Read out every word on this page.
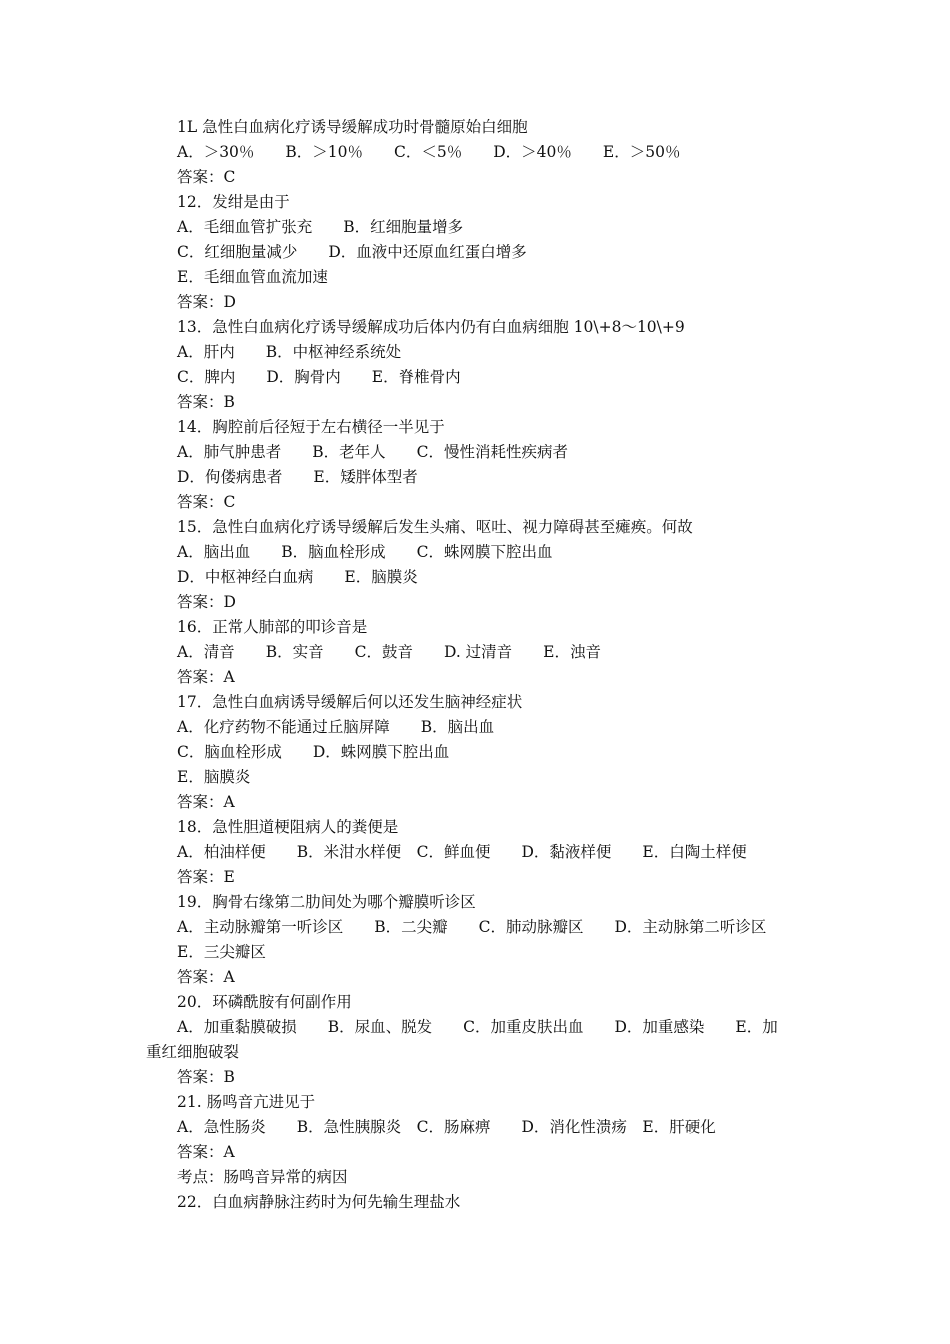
1L 急性白血病化疗诱导缓解成功时骨髓原始白细胞
A．＞30％　　B．＞10％　　C．＜5％　　D．＞40％　　E．＞50％
答案：C
12．发绀是由于
A．毛细血管扩张充　　B．红细胞量增多
C．红细胞量减少　　D．血液中还原血红蛋白增多
E．毛细血管血流加速
答案：D
13．急性白血病化疗诱导缓解成功后体内仍有白血病细胞 10\+8～10\+9
A．肝内　　B．中枢神经系统处
C．脾内　　D．胸骨内　　E．脊椎骨内
答案：B
14．胸腔前后径短于左右横径一半见于
A．肺气肿患者　　B．老年人　　C．慢性消耗性疾病者
D．佝偻病患者　　E．矮胖体型者
答案：C
15．急性白血病化疗诱导缓解后发生头痛、呕吐、视力障碍甚至瘫痪。何故
A．脑出血　　B．脑血栓形成　　C．蛛网膜下腔出血
D．中枢神经白血病　　E．脑膜炎
答案：D
16．正常人肺部的叩诊音是
A．清音　　B．实音　　C．鼓音　　D. 过清音　　E．浊音
答案：A
17．急性白血病诱导缓解后何以还发生脑神经症状
A．化疗药物不能通过丘脑屏障　　B．脑出血
C．脑血栓形成　　D．蛛网膜下腔出血
E．脑膜炎
答案：A
18．急性胆道梗阻病人的粪便是
A．柏油样便　　B．米泔水样便　C．鲜血便　　D．黏液样便　　E．白陶土样便
答案：E
19．胸骨右缘第二肋间处为哪个瓣膜听诊区
A．主动脉瓣第一听诊区　　B．二尖瓣　　C．肺动脉瓣区　　D．主动脉第二听诊区
E．三尖瓣区
答案：A
20．环磷酰胺有何副作用
A．加重黏膜破损　　B．尿血、脱发　　C．加重皮肤出血　　D．加重感染　　E．加
重红细胞破裂
答案：B
21. 肠鸣音亢进见于
A．急性肠炎　　B．急性胰腺炎　C．肠麻痹　　D．消化性溃疡　E．肝硬化
答案：A
考点：肠鸣音异常的病因
22．白血病静脉注药时为何先输生理盐水
